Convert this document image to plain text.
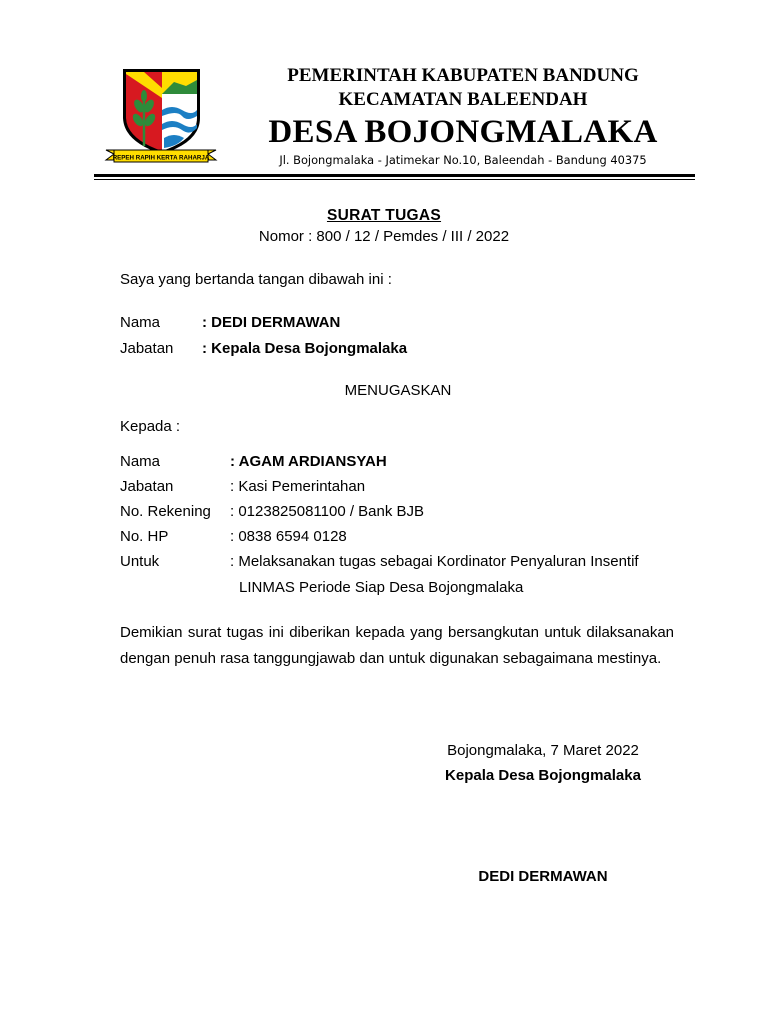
REPEH RAPIH KERTA RAHARJA
PEMERINTAH KABUPATEN BANDUNG
KECAMATAN BALEENDAH
DESA BOJONGMALAKA
Jl. Bojongmalaka - Jatimekar No.10, Baleendah - Bandung 40375
SURAT TUGAS
Nomor : 800 / 12 / Pemdes / III / 2022
Saya yang bertanda tangan dibawah ini :
Nama	: DEDI DERMAWAN
Jabatan : Kepala Desa Bojongmalaka
MENUGASKAN
Kepada :
Nama	: AGAM ARDIANSYAH
Jabatan	: Kasi Pemerintahan
No. Rekening : 0123825081100 / Bank BJB
No. HP	: 0838 6594 0128
Untuk	: Melaksanakan tugas sebagai Kordinator Penyaluran Insentif
LINMAS Periode Siap Desa Bojongmalaka
Demikian surat tugas ini diberikan kepada yang bersangkutan untuk dilaksanakan dengan penuh rasa tanggungjawab dan untuk digunakan sebagaimana mestinya.
Bojongmalaka, 7 Maret 2022
Kepala Desa Bojongmalaka
DEDI DERMAWAN
